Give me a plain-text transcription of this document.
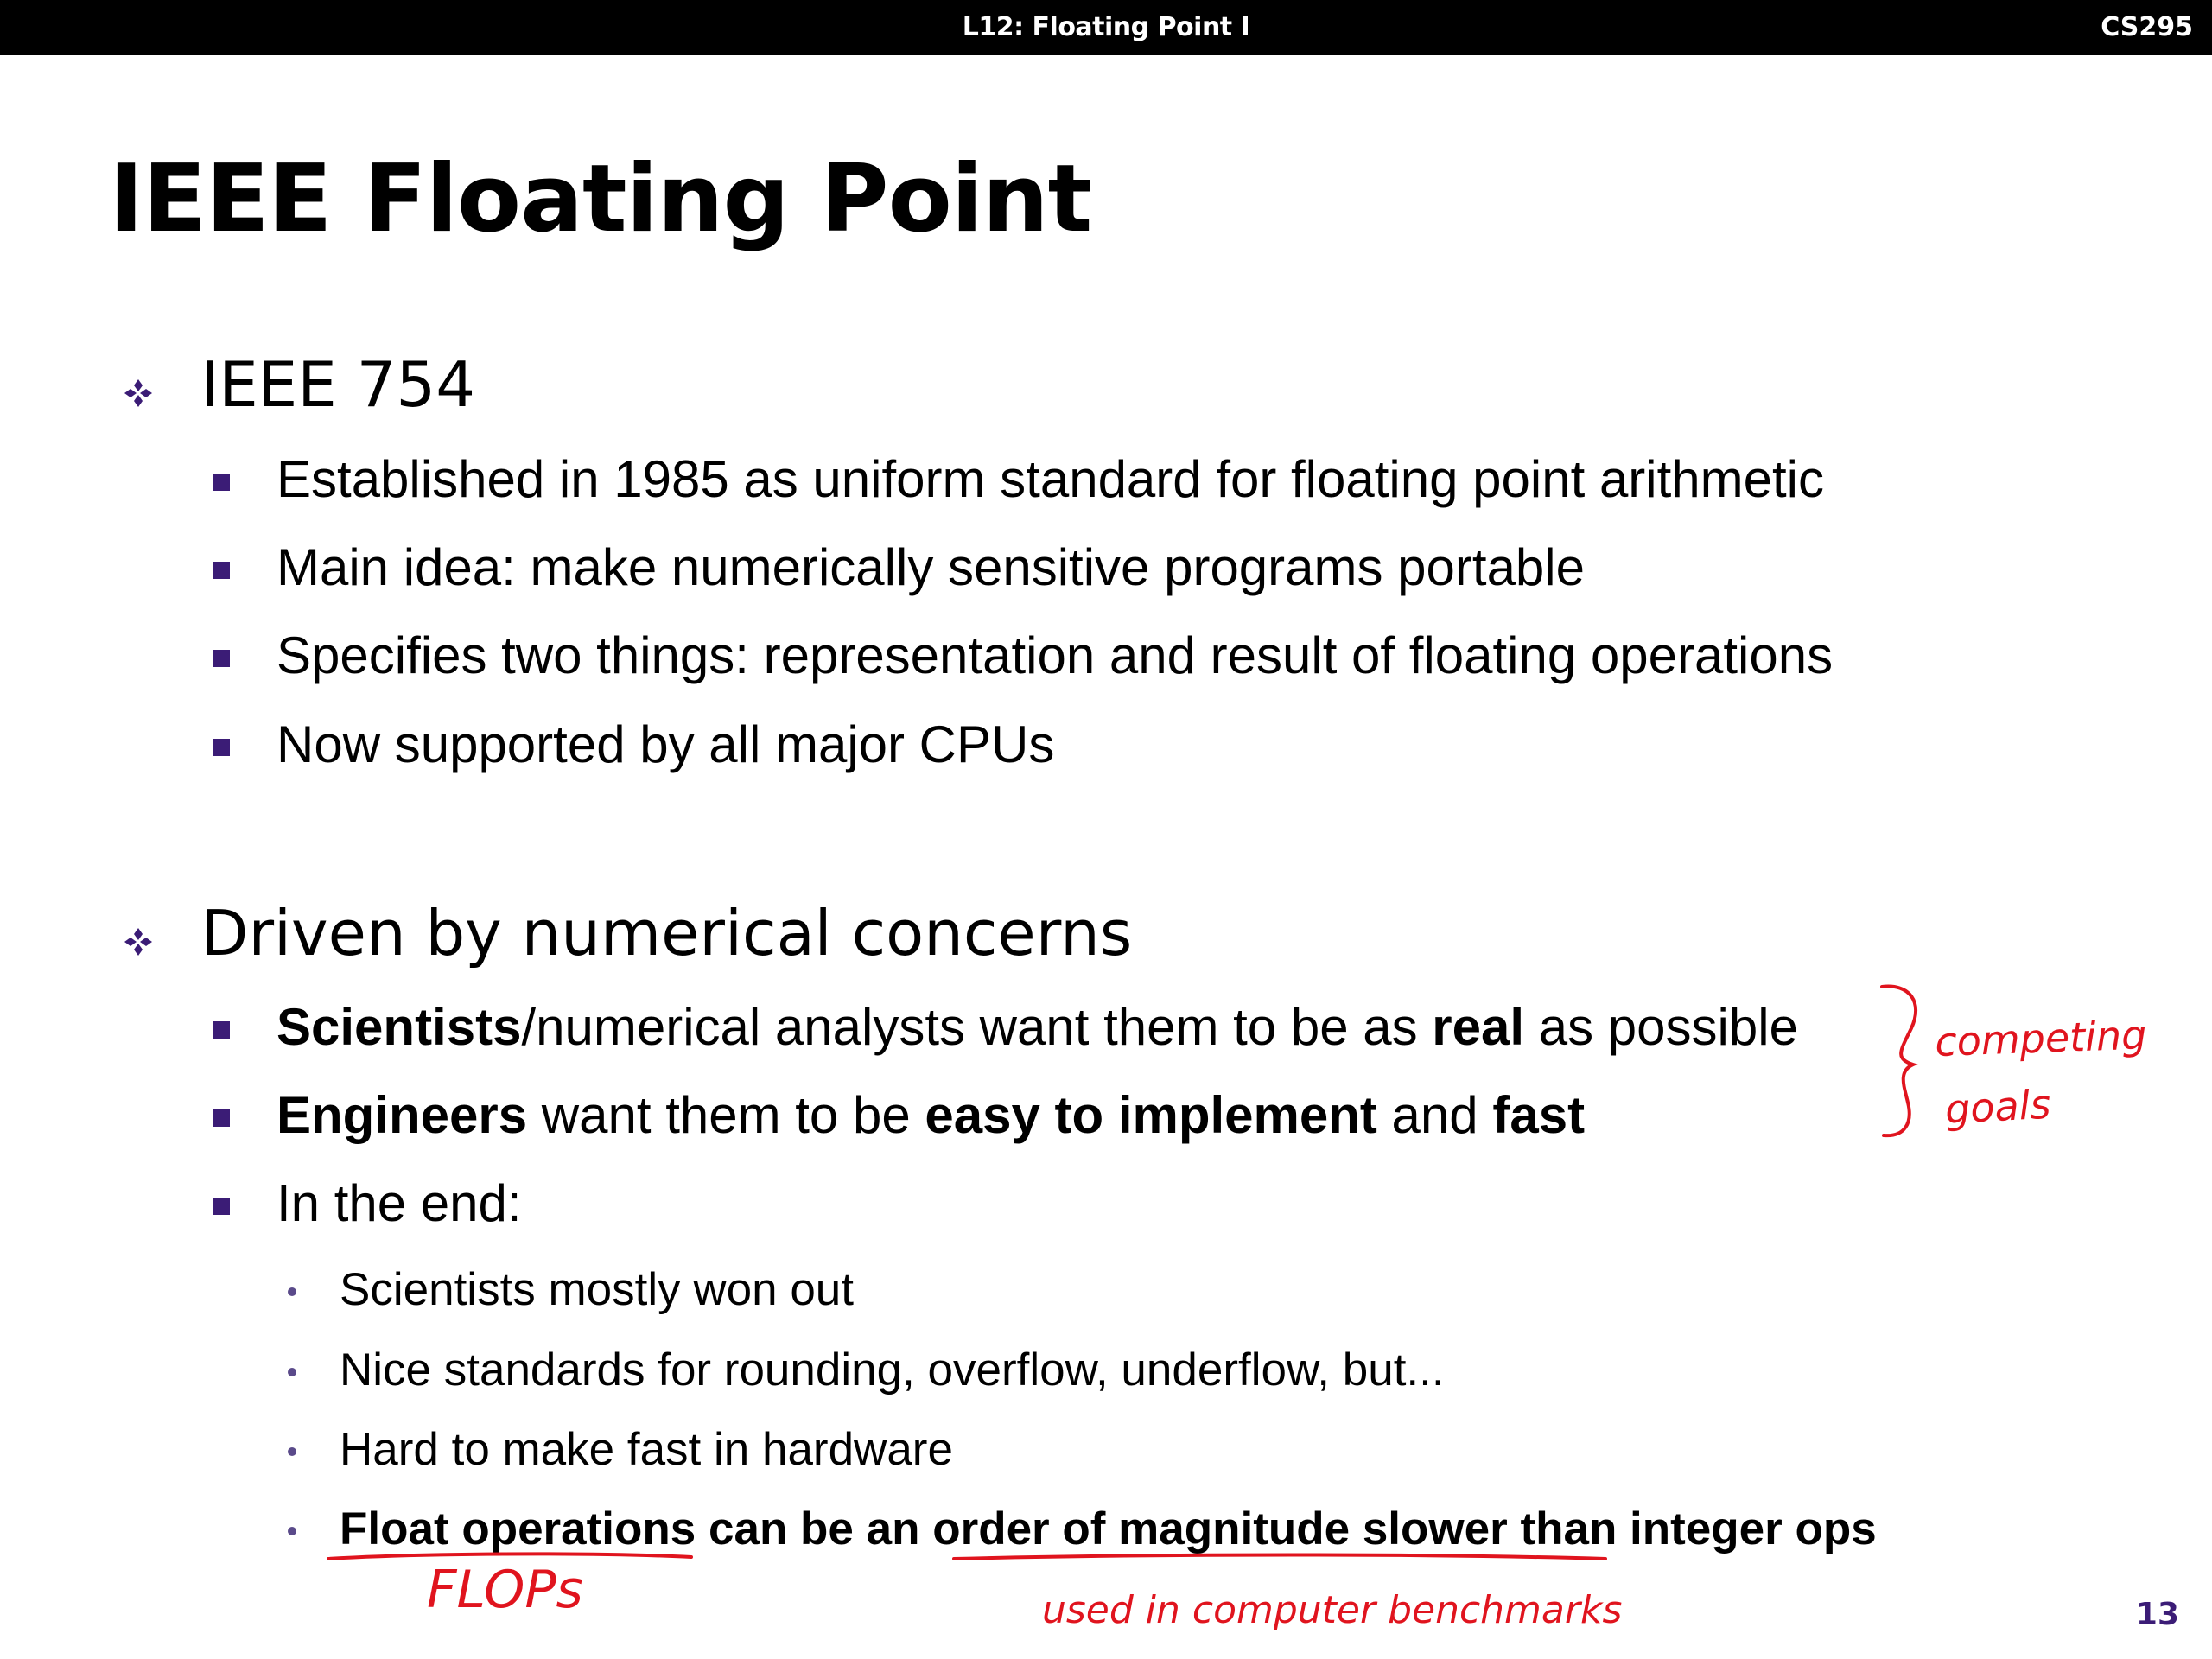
L12: Floating Point I	CS295
IEEE Floating Point
IEEE 754
Established in 1985 as uniform standard for floating point arithmetic
Main idea: make numerically sensitive programs portable
Specifies two things: representation and result of floating operations
Now supported by all major CPUs
Driven by numerical concerns
Scientists/numerical analysts want them to be as real as possible
Engineers want them to be easy to implement and fast
In the end:
Scientists mostly won out
Nice standards for rounding, overflow, underflow, but...
Hard to make fast in hardware
Float operations can be an order of magnitude slower than integer ops
competing
goals
FLOPs	used in computer benchmarks	13
